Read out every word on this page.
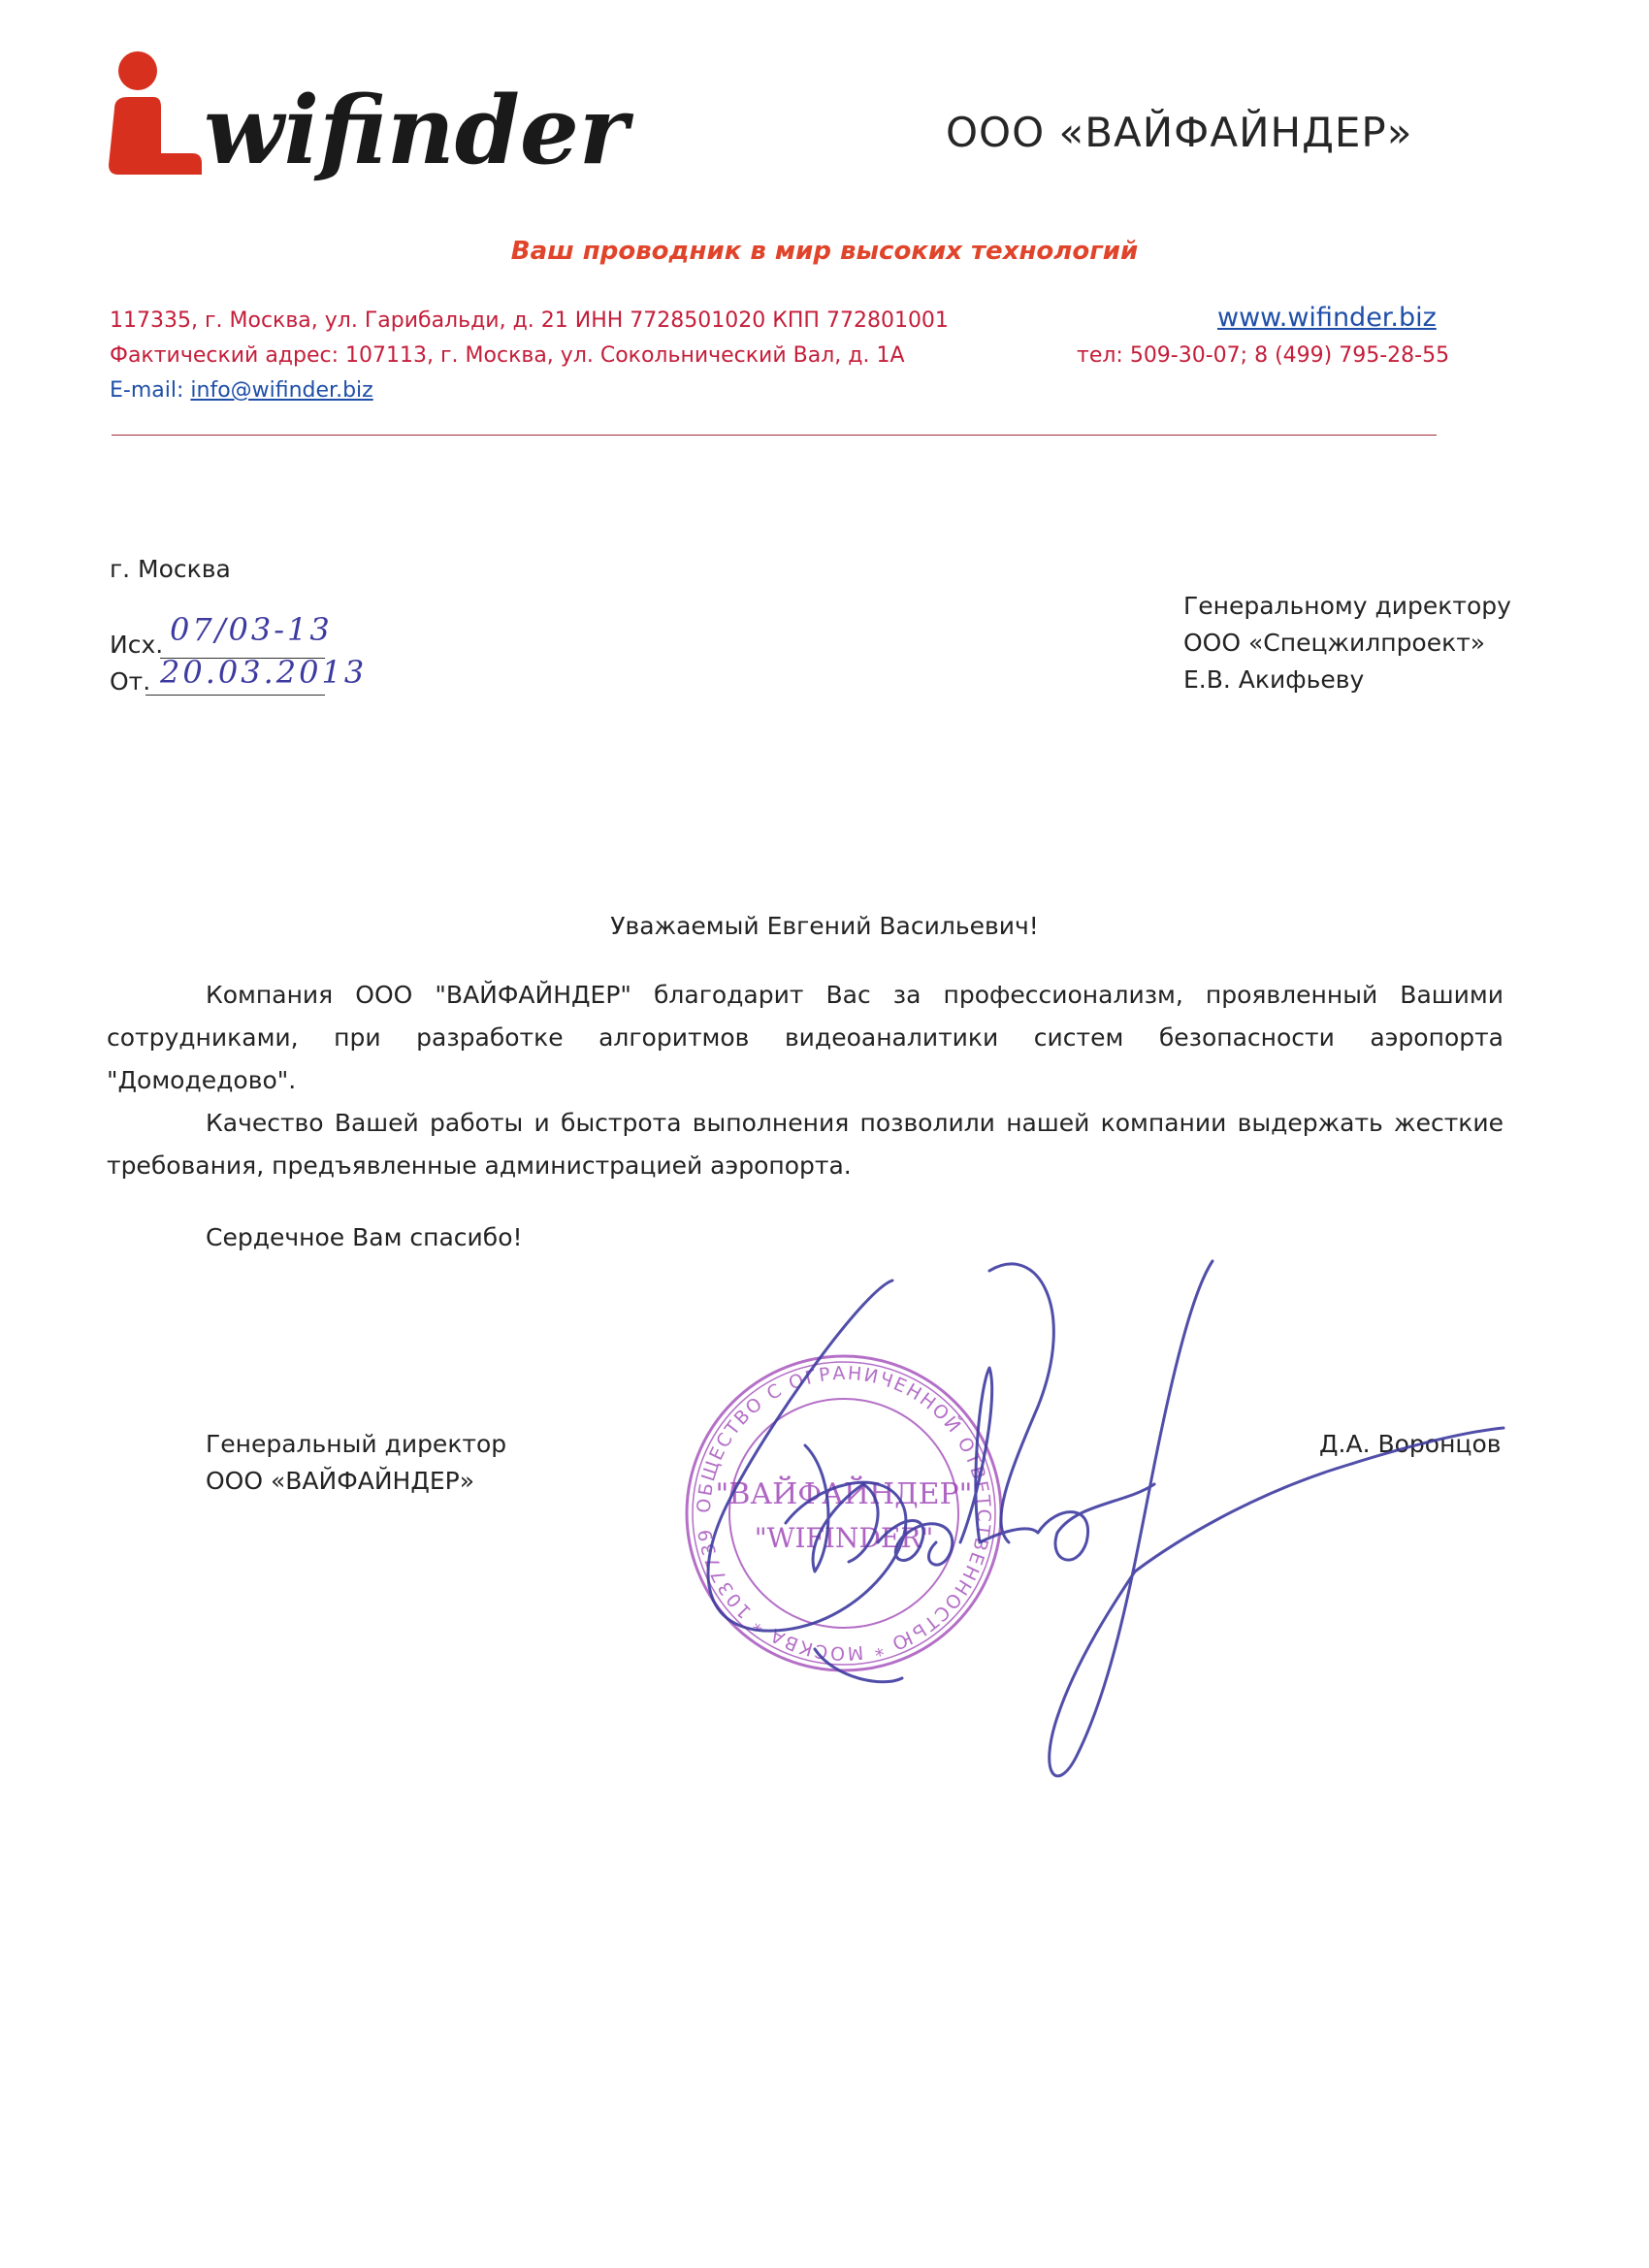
wifinder	ООО «ВАЙФАЙНДЕР»
Ваш проводник в мир высоких технологий
117335, г. Москва, ул. Гарибальди, д. 21 ИНН 7728501020 КПП 772801001
Фактический адрес: 107113, г. Москва, ул. Сокольнический Вал, д. 1А
E-mail: info@wifinder.biz
www.wifinder.biz
тел: 509-30-07; 8 (499) 795-28-55
г. Москва
Исх. 07/03-13
От. 20.03.2013
Генеральному директору
ООО «Спецжилпроект»
Е.В. Акифьеву
Уважаемый Евгений Васильевич!

Компания ООО "ВАЙФАЙНДЕР" благодарит Вас за профессионализм, проявленный Вашими сотрудниками, при разработке алгоритмов видеоаналитики систем безопасности аэропорта "Домодедово".

Качество Вашей работы и быстрота выполнения позволили нашей компании выдержать жесткие требования, предъявленные администрацией аэропорта.

Сердечное Вам спасибо!

Генеральный директор
ООО «ВАЙФАЙНДЕР»
Д.А. Воронцов
ОБЩЕСТВО С ОГРАНИЧЕННОЙ ОТВЕТСТВЕННОСТЬЮ * МОСКВА * 1037739
"ВАЙФАЙНДЕР"
"WIFINDER"
